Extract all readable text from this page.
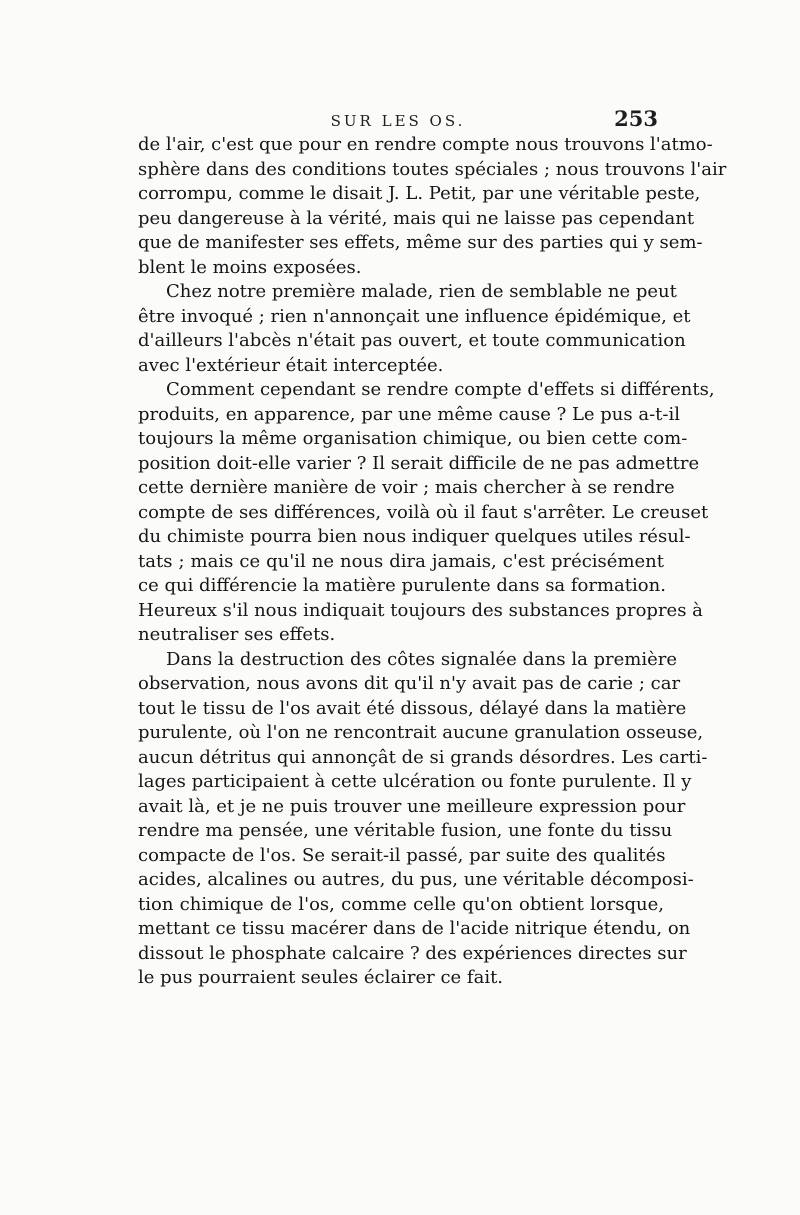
SUR LES OS.	253
de l'air, c'est que pour en rendre compte nous trouvons l'atmo-
sphère dans des conditions toutes spéciales ; nous trouvons l'air
corrompu, comme le disait J. L. Petit, par une véritable peste,
peu dangereuse à la vérité, mais qui ne laisse pas cependant
que de manifester ses effets, même sur des parties qui y sem-
blent le moins exposées.
Chez notre première malade, rien de semblable ne peut
être invoqué ; rien n'annonçait une influence épidémique, et
d'ailleurs l'abcès n'était pas ouvert, et toute communication
avec l'extérieur était interceptée.
Comment cependant se rendre compte d'effets si différents,
produits, en apparence, par une même cause ? Le pus a-t-il
toujours la même organisation chimique, ou bien cette com-
position doit-elle varier ? Il serait difficile de ne pas admettre
cette dernière manière de voir ; mais chercher à se rendre
compte de ses différences, voilà où il faut s'arrêter. Le creuset
du chimiste pourra bien nous indiquer quelques utiles résul-
tats ; mais ce qu'il ne nous dira jamais, c'est précisément
ce qui différencie la matière purulente dans sa formation.
Heureux s'il nous indiquait toujours des substances propres à
neutraliser ses effets.
Dans la destruction des côtes signalée dans la première
observation, nous avons dit qu'il n'y avait pas de carie ; car
tout le tissu de l'os avait été dissous, délayé dans la matière
purulente, où l'on ne rencontrait aucune granulation osseuse,
aucun détritus qui annonçât de si grands désordres. Les carti-
lages participaient à cette ulcération ou fonte purulente. Il y
avait là, et je ne puis trouver une meilleure expression pour
rendre ma pensée, une véritable fusion, une fonte du tissu
compacte de l'os. Se serait-il passé, par suite des qualités
acides, alcalines ou autres, du pus, une véritable décomposi-
tion chimique de l'os, comme celle qu'on obtient lorsque,
mettant ce tissu macérer dans de l'acide nitrique étendu, on
dissout le phosphate calcaire ? des expériences directes sur
le pus pourraient seules éclairer ce fait.
